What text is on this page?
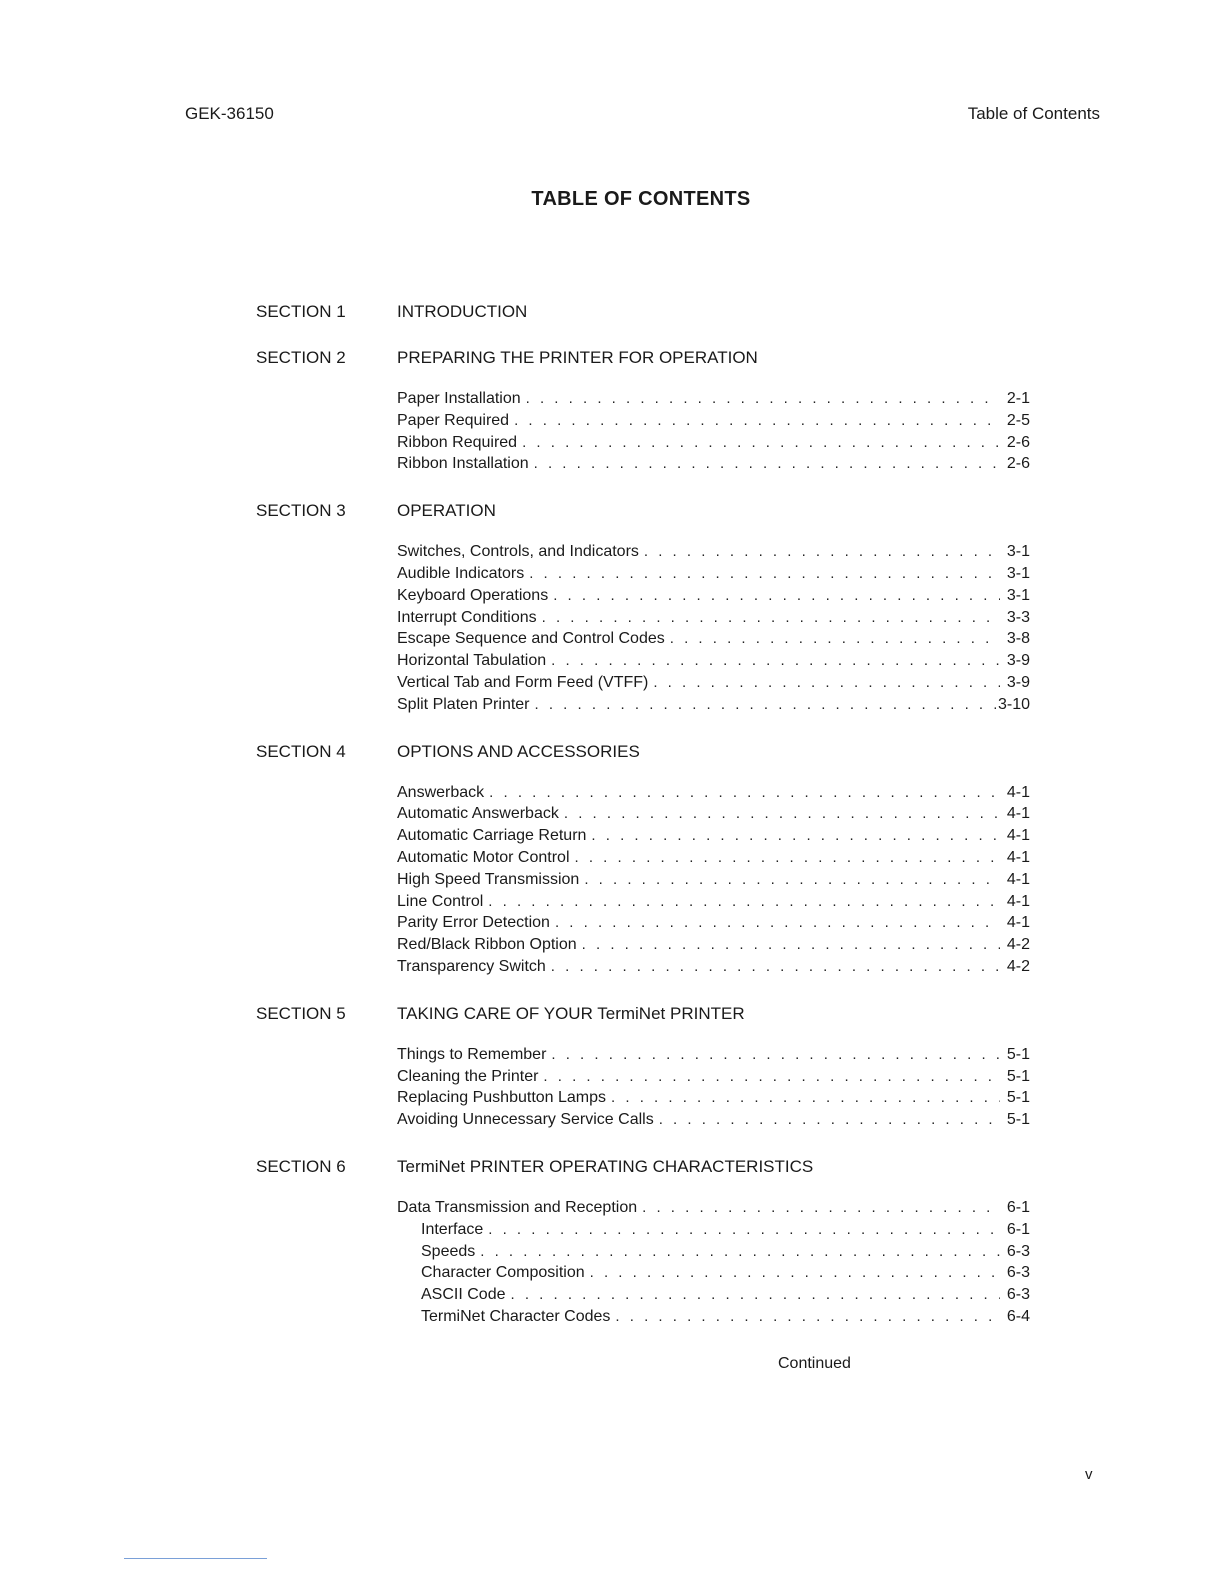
GEK-36150	Table of Contents
TABLE OF CONTENTS
SECTION 1	INTRODUCTION
SECTION 2	PREPARING THE PRINTER FOR OPERATION
Paper Installation . . .	2-1
Paper Required . . .	2-5
Ribbon Required . . .	2-6
Ribbon Installation . . .	2-6
SECTION 3	OPERATION
Switches, Controls, and Indicators . . .	3-1
Audible Indicators . . .	3-1
Keyboard Operations . . .	3-1
Interrupt Conditions . . .	3-3
Escape Sequence and Control Codes . . .	3-8
Horizontal Tabulation . . .	3-9
Vertical Tab and Form Feed (VTFF) . . .	3-9
Split Platen Printer . . .	3-10
SECTION 4	OPTIONS AND ACCESSORIES
Answerback . . .	4-1
Automatic Answerback . . .	4-1
Automatic Carriage Return . . .	4-1
Automatic Motor Control . . .	4-1
High Speed Transmission . . .	4-1
Line Control . . .	4-1
Parity Error Detection . . .	4-1
Red/Black Ribbon Option . . .	4-2
Transparency Switch . . .	4-2
SECTION 5	TAKING CARE OF YOUR TermiNet PRINTER
Things to Remember . . .	5-1
Cleaning the Printer . . .	5-1
Replacing Pushbutton Lamps . . .	5-1
Avoiding Unnecessary Service Calls . . .	5-1
SECTION 6	TermiNet PRINTER OPERATING CHARACTERISTICS
Data Transmission and Reception . . .	6-1
Interface . . .	6-1
Speeds . . .	6-3
Character Composition . . .	6-3
ASCII Code . . .	6-3
TermiNet Character Codes . . .	6-4
Continued
v
